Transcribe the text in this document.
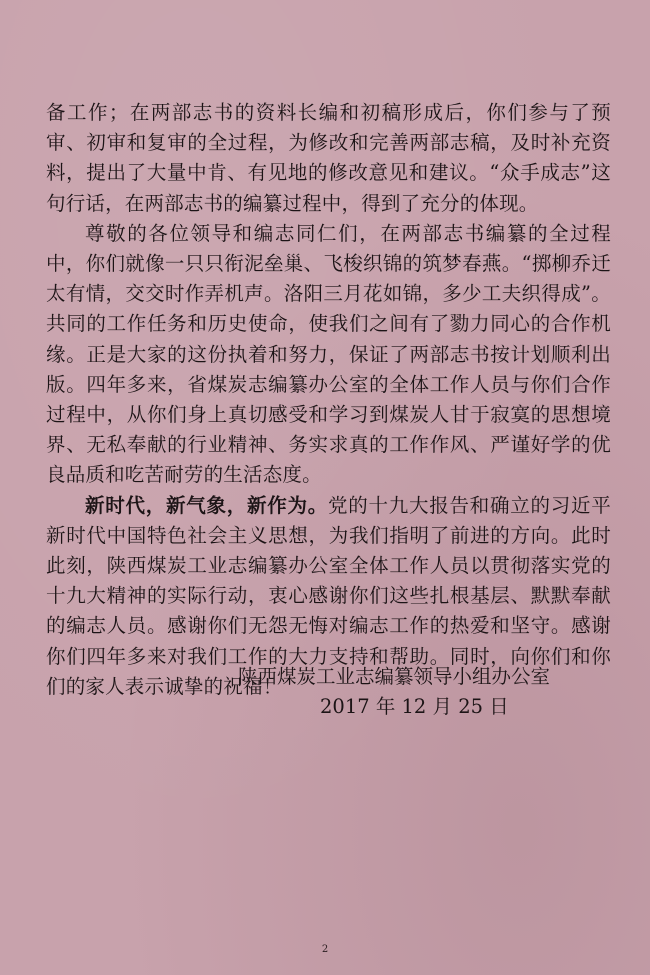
备工作；在两部志书的资料长编和初稿形成后，你们参与了预审、初审和复审的全过程，为修改和完善两部志稿，及时补充资料，提出了大量中肯、有见地的修改意见和建议。“众手成志”这句行话，在两部志书的编纂过程中，得到了充分的体现。

尊敬的各位领导和编志同仁们，在两部志书编纂的全过程中，你们就像一只只衔泥垒巢、飞梭织锦的筑梦春燕。“掷柳乔迁太有情，交交时作弄机声。洛阳三月花如锦，多少工夫织得成”。共同的工作任务和历史使命，使我们之间有了勠力同心的合作机缘。正是大家的这份执着和努力，保证了两部志书按计划顺利出版。四年多来，省煤炭志编纂办公室的全体工作人员与你们合作过程中，从你们身上真切感受和学习到煤炭人甘于寂寞的思想境界、无私奉献的行业精神、务实求真的工作作风、严谨好学的优良品质和吃苦耐劳的生活态度。

新时代，新气象，新作为。党的十九大报告和确立的习近平新时代中国特色社会主义思想，为我们指明了前进的方向。此时此刻，陕西煤炭工业志编纂办公室全体工作人员以贯彻落实党的十九大精神的实际行动，衷心感谢你们这些扎根基层、默默奉献的编志人员。感谢你们无怨无悔对编志工作的热爱和坚守。感谢你们四年多来对我们工作的大力支持和帮助。同时，向你们和你们的家人表示诚挚的祝福！

陕西煤炭工业志编纂领导小组办公室
2017 年 12 月 25 日
2
